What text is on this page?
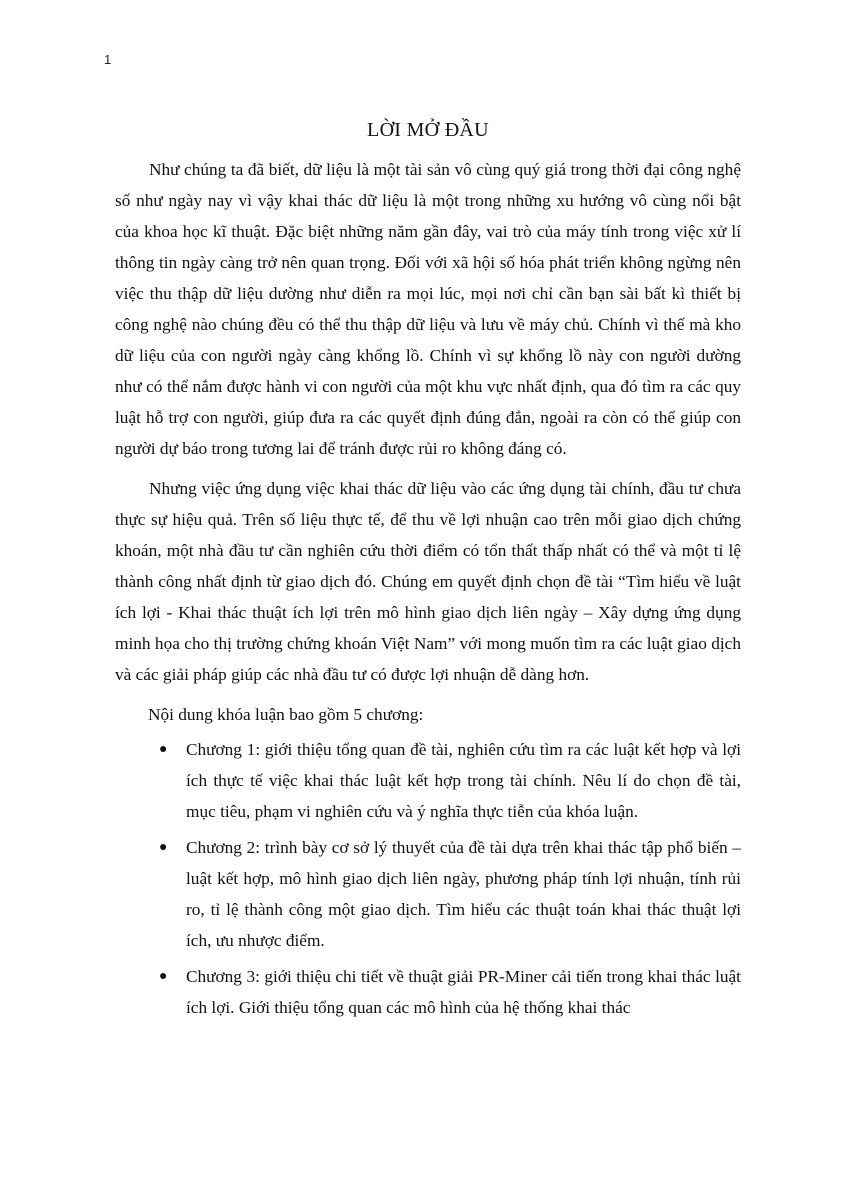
1
LỜI MỞ ĐẦU

Như chúng ta đã biết, dữ liệu là một tài sản vô cùng quý giá trong thời đại công nghệ số như ngày nay vì vậy khai thác dữ liệu là một trong những xu hướng vô cùng nổi bật của khoa học kĩ thuật. Đặc biệt những năm gần đây, vai trò của máy tính trong việc xử lí thông tin ngày càng trở nên quan trọng. Đối với xã hội số hóa phát triển không ngừng nên việc thu thập dữ liệu dường như diễn ra mọi lúc, mọi nơi chỉ cần bạn sài bất kì thiết bị công nghệ nào chúng đều có thể thu thập dữ liệu và lưu về máy chủ. Chính vì thế mà kho dữ liệu của con người ngày càng khổng lồ. Chính vì sự khổng lồ này con người dường như có thể nắm được hành vi con người của một khu vực nhất định, qua đó tìm ra các quy luật hỗ trợ con người, giúp đưa ra các quyết định đúng đắn, ngoài ra còn có thể giúp con người dự báo trong tương lai để tránh được rủi ro không đáng có.

Nhưng việc ứng dụng việc khai thác dữ liệu vào các ứng dụng tài chính, đầu tư chưa thực sự hiệu quả. Trên số liệu thực tế, để thu về lợi nhuận cao trên mỗi giao dịch chứng khoán, một nhà đầu tư cần nghiên cứu thời điểm có tổn thất thấp nhất có thể và một tỉ lệ thành công nhất định từ giao dịch đó. Chúng em quyết định chọn đề tài “Tìm hiểu về luật ích lợi - Khai thác thuật ích lợi trên mô hình giao dịch liên ngày – Xây dựng ứng dụng minh họa cho thị trường chứng khoán Việt Nam” với mong muốn tìm ra các luật giao dịch và các giải pháp giúp các nhà đầu tư có được lợi nhuận dễ dàng hơn.

Nội dung khóa luận bao gồm 5 chương:

● Chương 1: giới thiệu tổng quan đề tài, nghiên cứu tìm ra các luật kết hợp và lợi ích thực tế việc khai thác luật kết hợp trong tài chính. Nêu lí do chọn đề tài, mục tiêu, phạm vi nghiên cứu và ý nghĩa thực tiễn của khóa luận.
● Chương 2: trình bày cơ sở lý thuyết của đề tài dựa trên khai thác tập phổ biến – luật kết hợp, mô hình giao dịch liên ngày, phương pháp tính lợi nhuận, tính rủi ro, tỉ lệ thành công một giao dịch. Tìm hiểu các thuật toán khai thác thuật lợi ích, ưu nhược điểm.
● Chương 3: giới thiệu chi tiết về thuật giải PR-Miner cải tiến trong khai thác luật ích lợi. Giới thiệu tổng quan các mô hình của hệ thống khai thác
